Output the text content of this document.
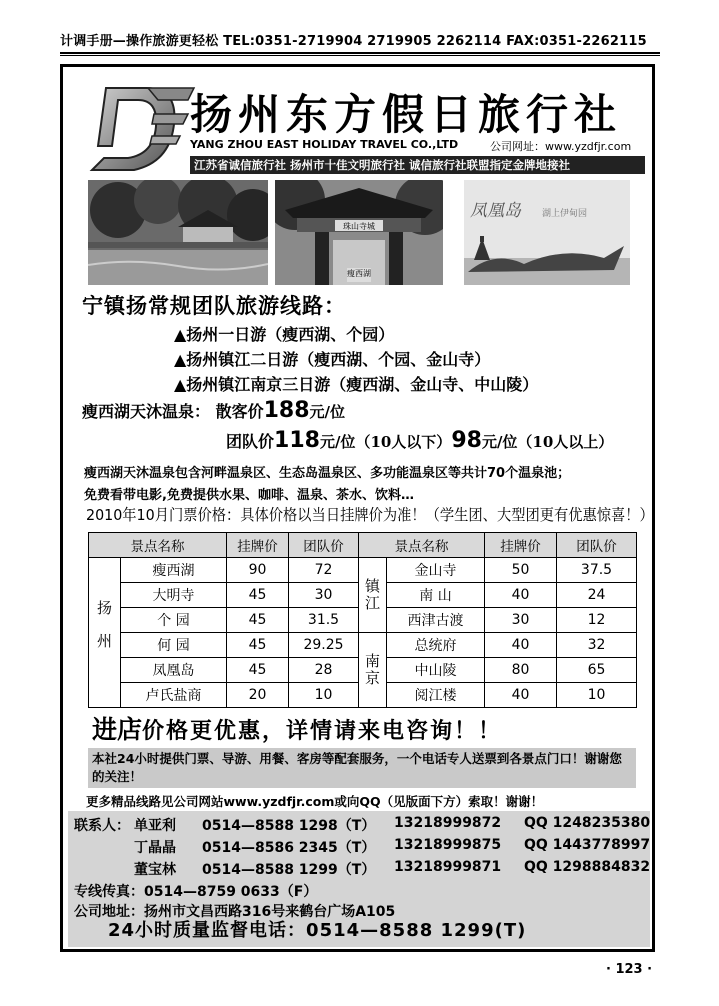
计调手册—操作旅游更轻松 TEL:0351-2719904 2719905 2262114 FAX:0351-2262115
扬州东方假日旅行社
YANG ZHOU EAST HOLIDAY TRAVEL CO.,LTD	公司网址：www.yzdfjr.com
江苏省诚信旅行社 扬州市十佳文明旅行社 诚信旅行社联盟指定金牌地接社
珠山寺城
瘦西湖
凤凰岛 湖上伊甸园
宁镇扬常规团队旅游线路：
▲扬州一日游（瘦西湖、个园）
▲扬州镇江二日游（瘦西湖、个园、金山寺）
▲扬州镇江南京三日游（瘦西湖、金山寺、中山陵）
瘦西湖天沐温泉： 散客价188元/位
团队价118元/位（10人以下）98元/位（10人以上）
瘦西湖天沐温泉包含河畔温泉区、生态岛温泉区、多功能温泉区等共计70个温泉池；
免费看带电影,免费提供水果、咖啡、温泉、茶水、饮料…
2010年10月门票价格：具体价格以当日挂牌价为准！（学生团、大型团更有优惠惊喜！）
景点名称		挂牌价	团队价	景点名称		挂牌价	团队价
扬州	瘦西湖	90	72	镇江	金山寺	50	37.5
	大明寺	45	30		南 山	40	24
	个 园	45	31.5		西津古渡	30	12
	何 园	45	29.25	南京	总统府	40	32
	凤凰岛	45	28		中山陵	80	65
	卢氏盐商	20	10		阅江楼	40	10
进店价格更优惠，详情请来电咨询！！
本社24小时提供门票、导游、用餐、客房等配套服务，一个电话专人送票到各景点门口！谢谢您的关注！
更多精品线路见公司网站www.yzdfjr.com或向QQ（见版面下方）索取！谢谢！
联系人： 单亚利 0514—8588 1298（T） 13218999872 QQ 1248235380
丁晶晶 0514—8586 2345（T） 13218999875 QQ 1443778997
董宝林 0514—8588 1299（T） 13218999871 QQ 1298884832
专线传真：0514—8759 0633（F）
公司地址：扬州市文昌西路316号来鹤台广场A105
24小时质量监督电话：0514—8588 1299(T)
· 123 ·
